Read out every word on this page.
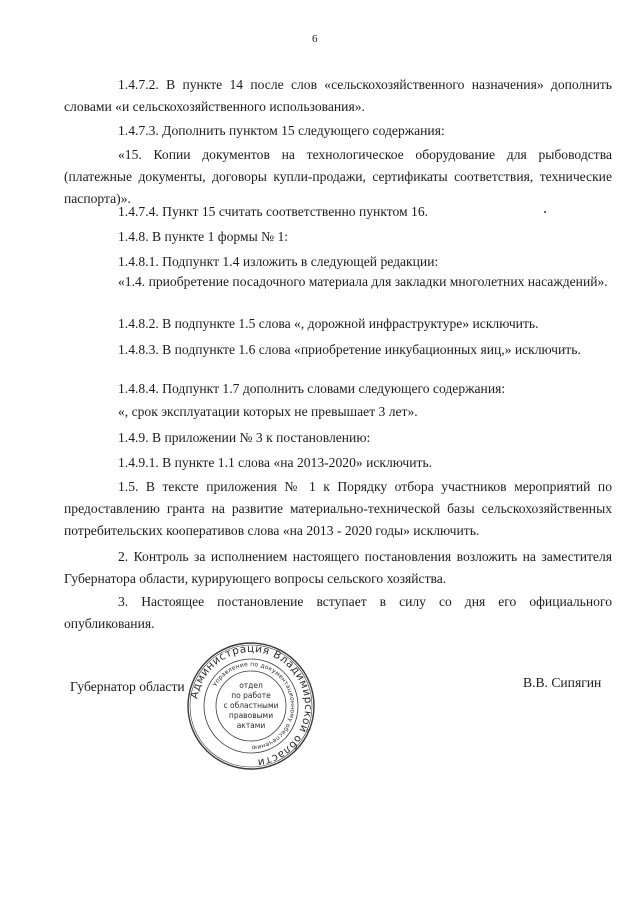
6

1.4.7.2. В пункте 14 после слов «сельскохозяйственного назначения» дополнить словами «и сельскохозяйственного использования».

1.4.7.3. Дополнить пунктом 15 следующего содержания:

«15. Копии документов на технологическое оборудование для рыбоводства (платежные документы, договоры купли-продажи, сертификаты соответствия, технические паспорта)».

1.4.7.4. Пункт 15 считать соответственно пунктом 16.

1.4.8. В пункте 1 формы № 1:

1.4.8.1. Подпункт 1.4 изложить в следующей редакции:

«1.4. приобретение посадочного материала для закладки многолетних насаждений».

1.4.8.2. В подпункте 1.5 слова «, дорожной инфраструктуре» исключить.

1.4.8.3. В подпункте 1.6 слова «приобретение инкубационных яиц,» исключить.

1.4.8.4. Подпункт 1.7 дополнить словами следующего содержания:

«, срок эксплуатации которых не превышает 3 лет».

1.4.9. В приложении № 3 к постановлению:

1.4.9.1. В пункте 1.1 слова «на 2013-2020» исключить.

1.5. В тексте приложения № 1 к Порядку отбора участников мероприятий по предоставлению гранта на развитие материально-технической базы сельскохозяйственных потребительских кооперативов слова «на 2013 - 2020 годы» исключить.

2. Контроль за исполнением настоящего постановления возложить на заместителя Губернатора области, курирующего вопросы сельского хозяйства.

3. Настоящее постановление вступает в силу со дня его официального опубликования.

Губернатор области	В.В. Сипягин
Администрация Владимирской области
Управление по документационному обеспечению
отдел
по работе
с областными
правовыми
актами
